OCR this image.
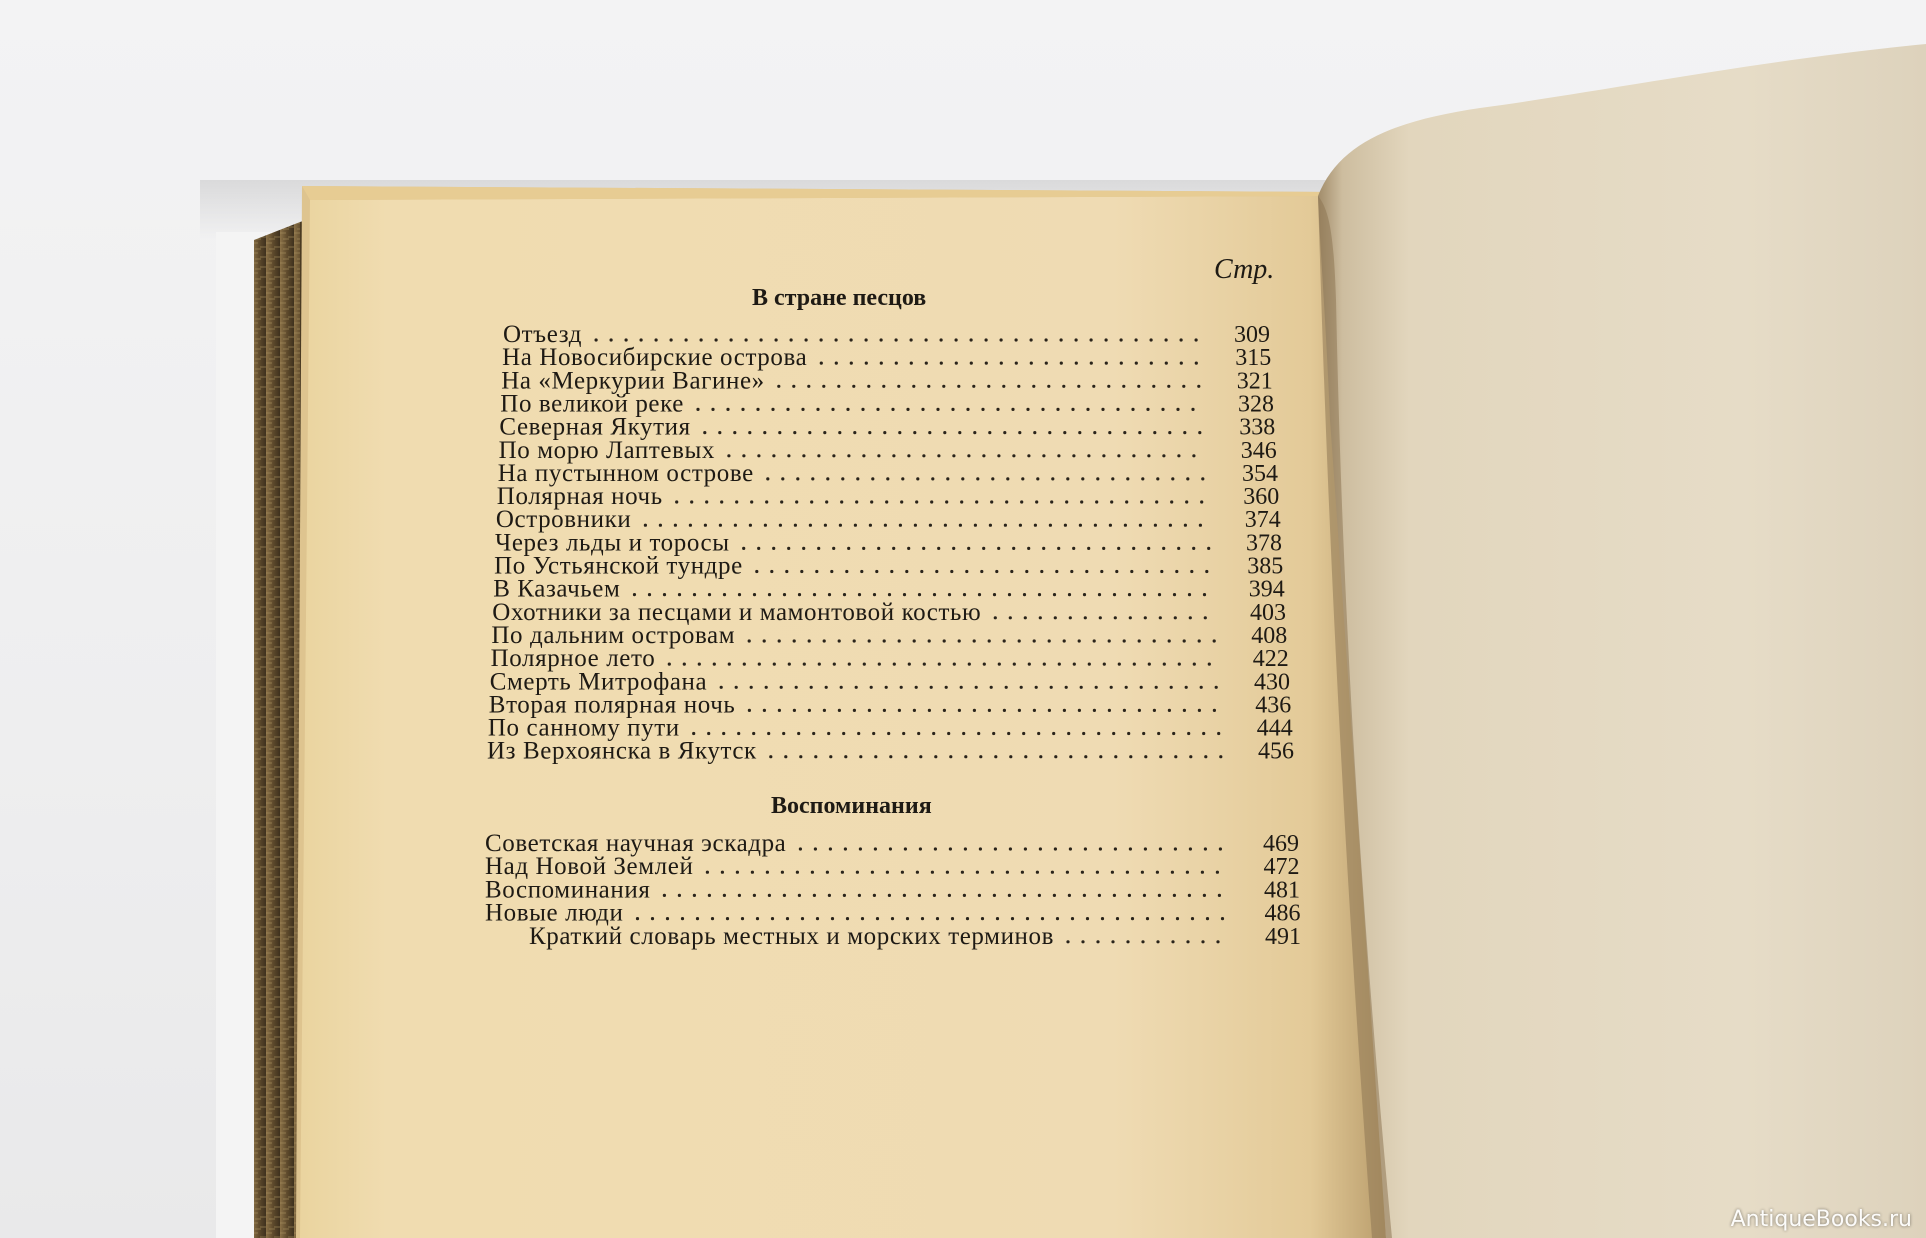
Стр.
В стране песцов
Отъезд	309
На Новосибирские острова	315
На «Меркурии Вагине»	321
По великой реке	328
Северная Якутия	338
По морю Лаптевых	346
На пустынном острове	354
Полярная ночь	360
Островники	374
Через льды и торосы	378
По Устьянской тундре	385
В Казачьем	394
Охотники за песцами и мамонтовой костью	403
По дальним островам	408
Полярное лето	422
Смерть Митрофана	430
Вторая полярная ночь	436
По санному пути	444
Из Верхоянска в Якутск	456
Советская научная эскадра	469
Над Новой Землей	472
Воспоминания	481
Новые люди	486
Краткий словарь местных и морских терминов	491
Воспоминания
AntiqueBooks.ru
